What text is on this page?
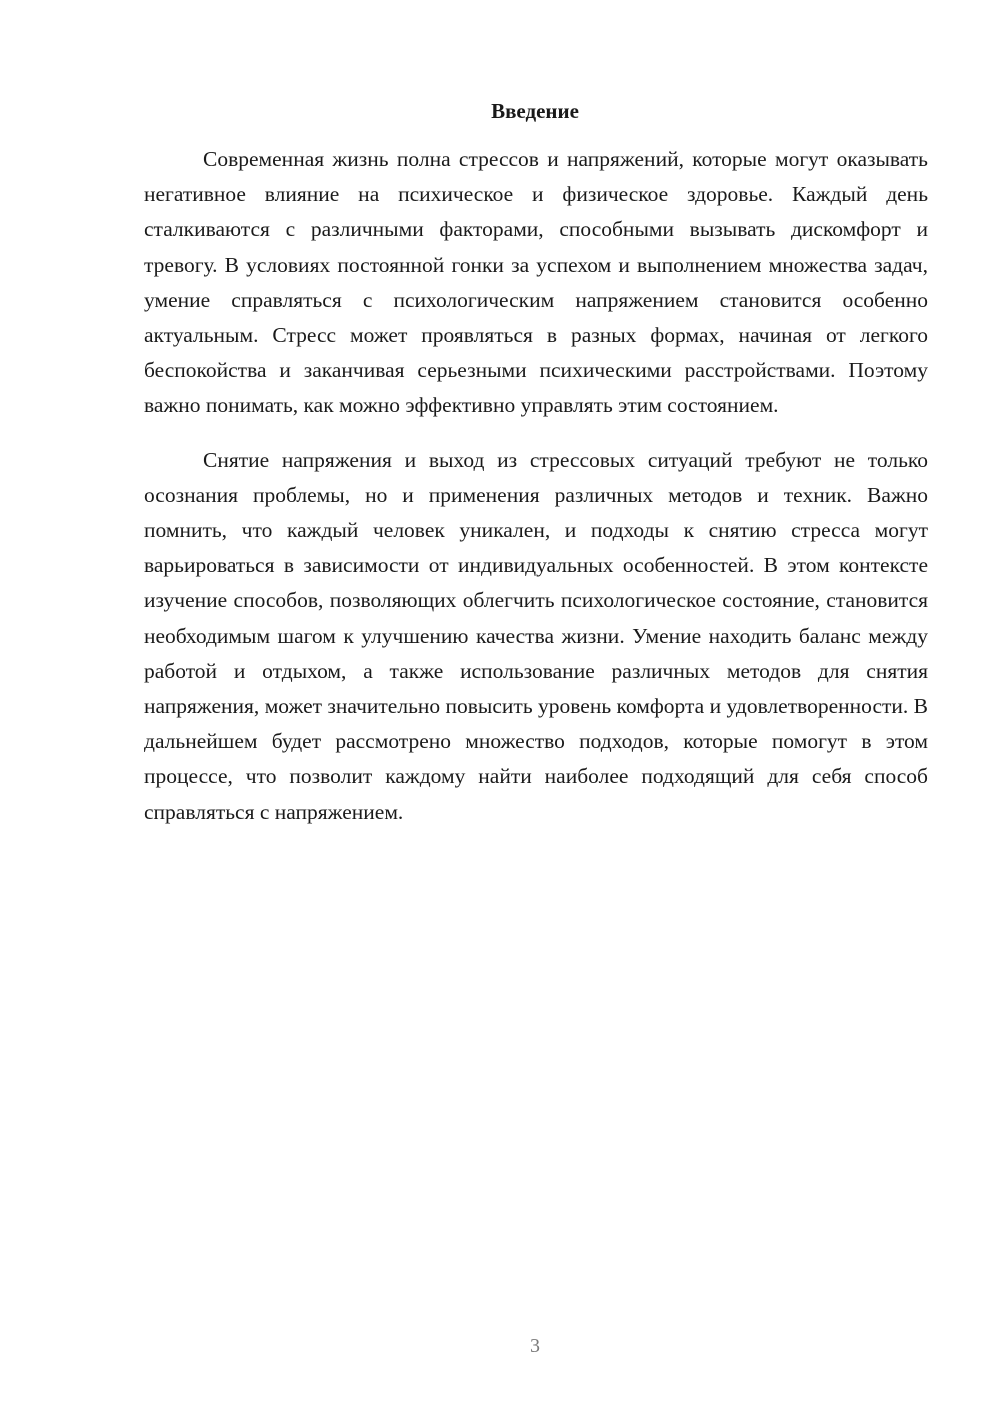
Введение

Современная жизнь полна стрессов и напряжений, которые могут оказывать негативное влияние на психическое и физическое здоровье. Каждый день сталкиваются с различными факторами, способными вызывать дискомфорт и тревогу. В условиях постоянной гонки за успехом и выполнением множества задач, умение справляться с психологическим напряжением становится особенно актуальным. Стресс может проявляться в разных формах, начиная от легкого беспокойства и заканчивая серьезными психическими расстройствами. Поэтому важно понимать, как можно эффективно управлять этим состоянием.

Снятие напряжения и выход из стрессовых ситуаций требуют не только осознания проблемы, но и применения различных методов и техник. Важно помнить, что каждый человек уникален, и подходы к снятию стресса могут варьироваться в зависимости от индивидуальных особенностей. В этом контексте изучение способов, позволяющих облегчить психологическое состояние, становится необходимым шагом к улучшению качества жизни. Умение находить баланс между работой и отдыхом, а также использование различных методов для снятия напряжения, может значительно повысить уровень комфорта и удовлетворенности. В дальнейшем будет рассмотрено множество подходов, которые помогут в этом процессе, что позволит каждому найти наиболее подходящий для себя способ справляться с напряжением.

3
